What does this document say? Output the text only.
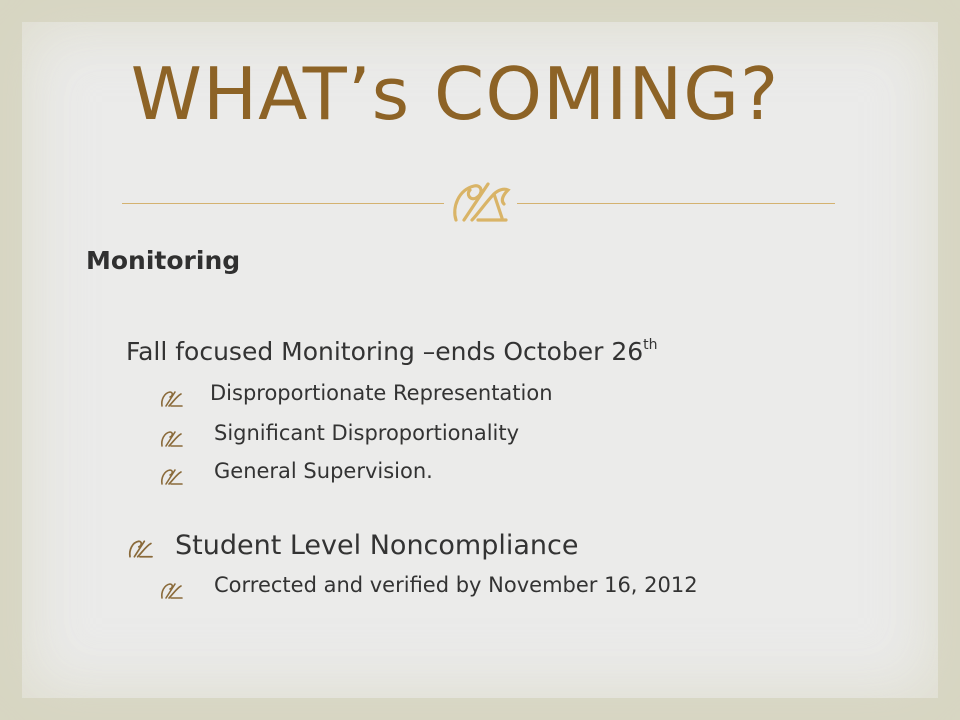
WHAT’s COMING?
Monitoring
Fall focused Monitoring –ends October 26th
Disproportionate Representation
Significant Disproportionality
General Supervision.
Student Level Noncompliance
Corrected and verified by November 16, 2012
